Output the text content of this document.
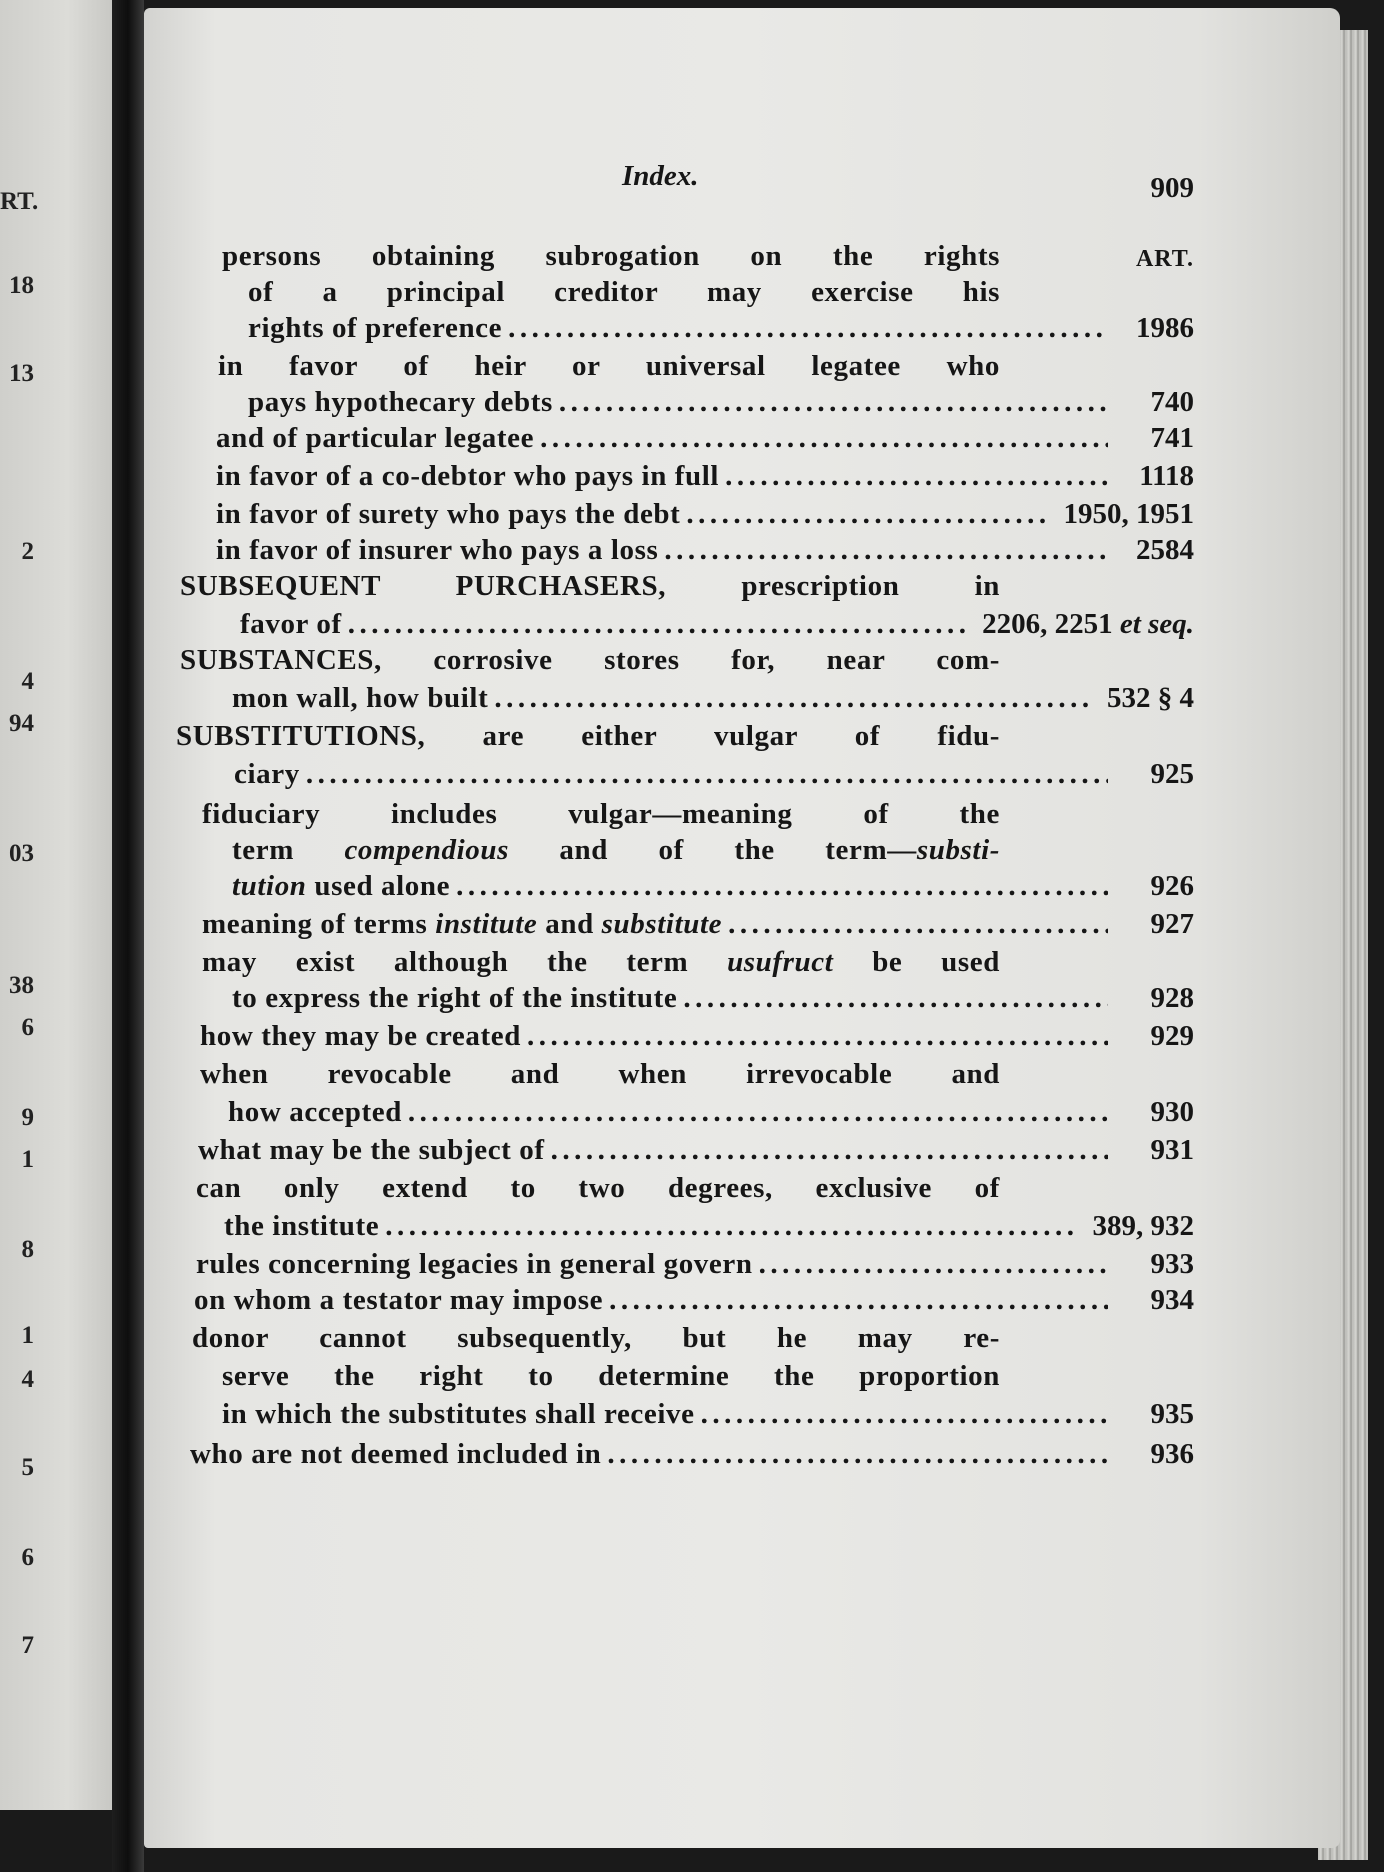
RT.
18
13
2
4
94
03
38
6
9
1
8
1
4
5
6
7
Index.	909
ART.
persons obtaining subrogation on the rights
of a principal creditor may exercise his
rights of preference .....	1986
in favor of heir or universal legatee who
pays hypothecary debts .....	740
and of particular legatee .....	741
in favor of a co-debtor who pays in full .....	1118
in favor of surety who pays the debt .....	1950, 1951
in favor of insurer who pays a loss .....	2584
SUBSEQUENT PURCHASERS, prescription in
favor of .....	2206, 2251 et seq.
SUBSTANCES, corrosive stores for, near com-
mon wall, how built .....	532 § 4
SUBSTITUTIONS, are either vulgar of fidu-
ciary .....	925
fiduciary includes vulgar—meaning of the
term compendious and of the term—substi-
tution used alone .....	926
meaning of terms institute and substitute .....	927
may exist although the term usufruct be used
to express the right of the institute .....	928
how they may be created .....	929
when revocable and when irrevocable and
how accepted .....	930
what may be the subject of .....	931
can only extend to two degrees, exclusive of
the institute .....	389, 932
rules concerning legacies in general govern .....	933
on whom a testator may impose .....	934
donor cannot subsequently, but he may re-
serve the right to determine the proportion
in which the substitutes shall receive .....	935
who are not deemed included in .....	936
